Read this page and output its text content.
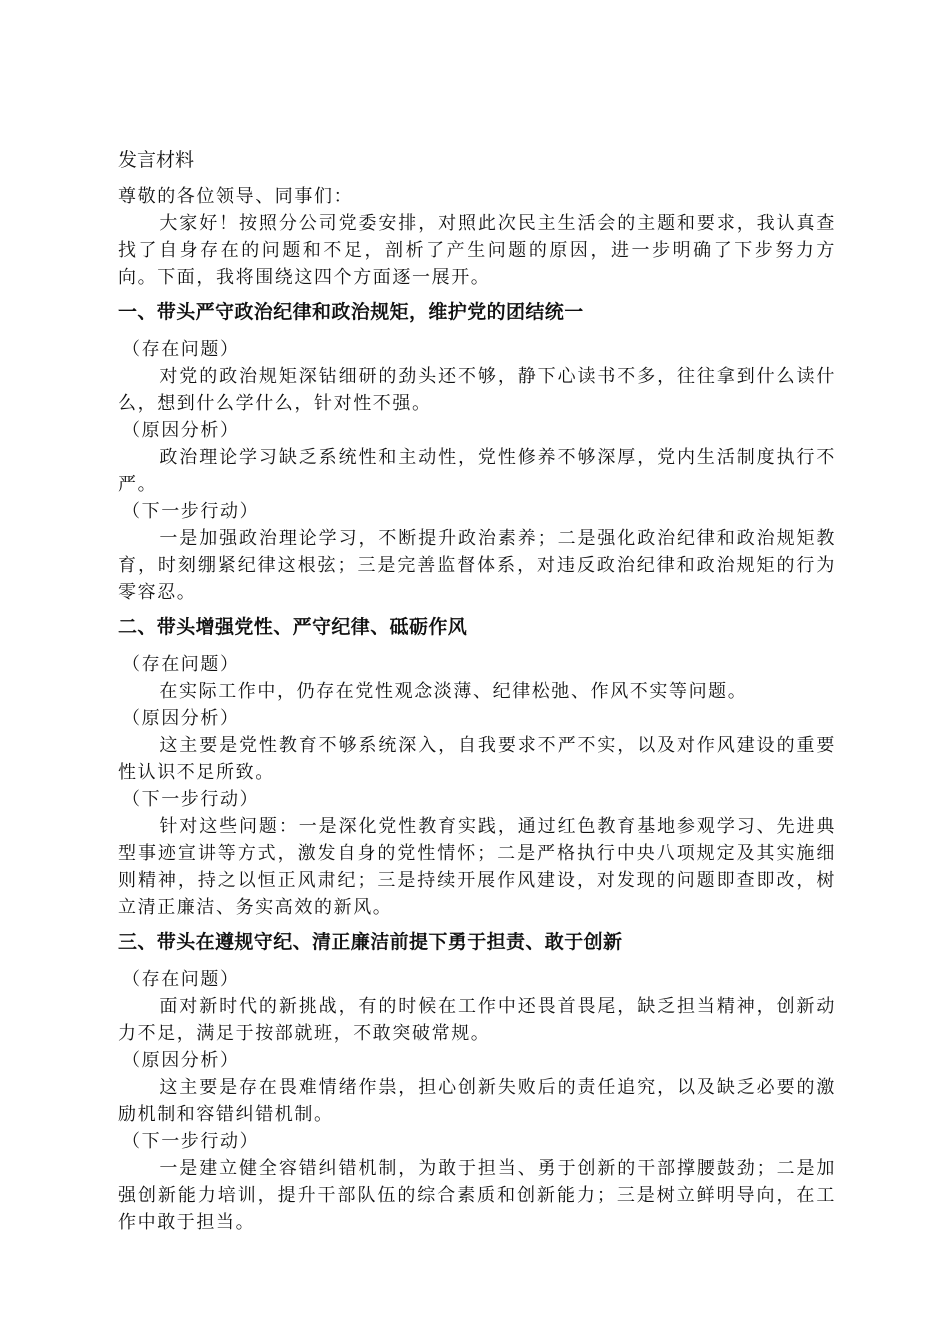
发言材料

尊敬的各位领导、同事们：

大家好！按照分公司党委安排，对照此次民主生活会的主题和要求，我认真查找了自身存在的问题和不足，剖析了产生问题的原因，进一步明确了下步努力方向。下面，我将围绕这四个方面逐一展开。

一、带头严守政治纪律和政治规矩，维护党的团结统一

（存在问题）

对党的政治规矩深钻细研的劲头还不够，静下心读书不多，往往拿到什么读什么，想到什么学什么，针对性不强。

（原因分析）

政治理论学习缺乏系统性和主动性，党性修养不够深厚，党内生活制度执行不严。

（下一步行动）

一是加强政治理论学习，不断提升政治素养；二是强化政治纪律和政治规矩教育，时刻绷紧纪律这根弦；三是完善监督体系，对违反政治纪律和政治规矩的行为零容忍。

二、带头增强党性、严守纪律、砥砺作风

（存在问题）

在实际工作中，仍存在党性观念淡薄、纪律松弛、作风不实等问题。

（原因分析）

这主要是党性教育不够系统深入，自我要求不严不实，以及对作风建设的重要性认识不足所致。

（下一步行动）

针对这些问题：一是深化党性教育实践，通过红色教育基地参观学习、先进典型事迹宣讲等方式，激发自身的党性情怀；二是严格执行中央八项规定及其实施细则精神，持之以恒正风肃纪；三是持续开展作风建设，对发现的问题即查即改，树立清正廉洁、务实高效的新风。

三、带头在遵规守纪、清正廉洁前提下勇于担责、敢于创新

（存在问题）

面对新时代的新挑战，有的时候在工作中还畏首畏尾，缺乏担当精神，创新动力不足，满足于按部就班，不敢突破常规。

（原因分析）

这主要是存在畏难情绪作祟，担心创新失败后的责任追究，以及缺乏必要的激励机制和容错纠错机制。

（下一步行动）

一是建立健全容错纠错机制，为敢于担当、勇于创新的干部撑腰鼓劲；二是加强创新能力培训，提升干部队伍的综合素质和创新能力；三是树立鲜明导向，在工作中敢于担当。
